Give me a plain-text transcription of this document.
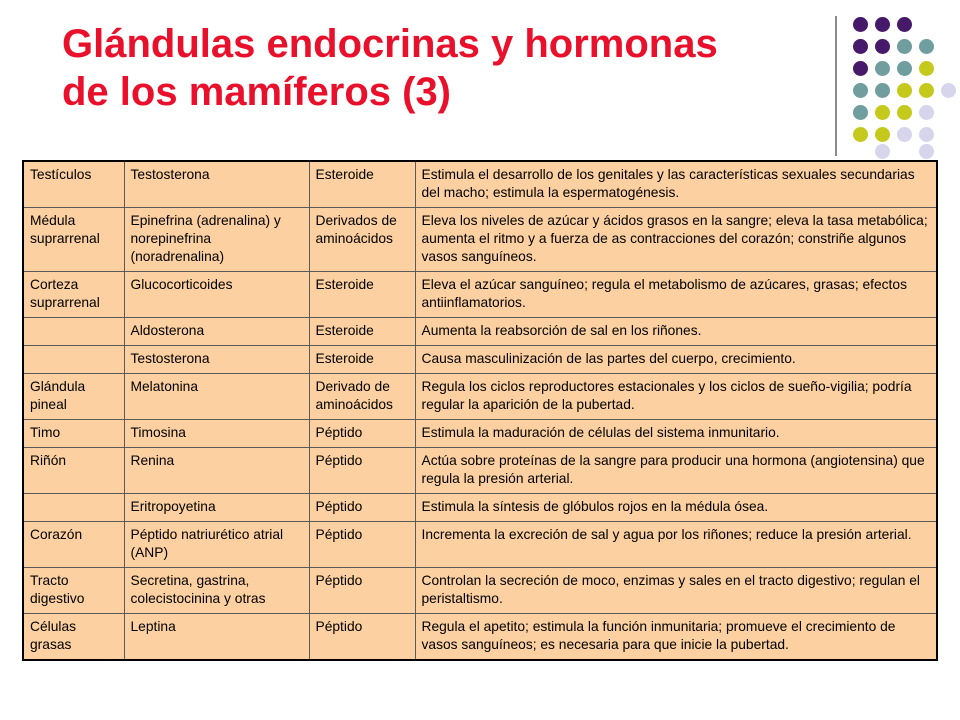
Glándulas endocrinas y hormonas
de los mamíferos (3)
Testículos	Testosterona	Esteroide	Estimula el desarrollo de los genitales y las características sexuales secundarias del macho; estimula la espermatogénesis.
Médula suprarrenal	Epinefrina (adrenalina) y norepinefrina (noradrenalina)	Derivados de aminoácidos	Eleva los niveles de azúcar y ácidos grasos en la sangre; eleva la tasa metabólica; aumenta el ritmo y a fuerza de as contracciones del corazón; constriñe algunos vasos sanguíneos.
Corteza suprarrenal	Glucocorticoides	Esteroide	Eleva el azúcar sanguíneo; regula el metabolismo de azúcares, grasas; efectos antiinflamatorios.
	Aldosterona	Esteroide	Aumenta la reabsorción de sal en los riñones.
	Testosterona	Esteroide	Causa masculinización de las partes del cuerpo, crecimiento.
Glándula pineal	Melatonina	Derivado de aminoácidos	Regula los ciclos reproductores estacionales y los ciclos de sueño-vigilia; podría regular la aparición de la pubertad.
Timo	Timosina	Péptido	Estimula la maduración de células del sistema inmunitario.
Riñón	Renina	Péptido	Actúa sobre proteínas de la sangre para producir una hormona (angiotensina) que regula la presión arterial.
	Eritropoyetina	Péptido	Estimula la síntesis de glóbulos rojos en la médula ósea.
Corazón	Péptido natriurético atrial (ANP)	Péptido	Incrementa la excreción de sal y agua por los riñones; reduce la presión arterial.
Tracto digestivo	Secretina, gastrina, colecistocinina y otras	Péptido	Controlan la secreción de moco, enzimas y sales en el tracto digestivo; regulan el peristaltismo.
Células grasas	Leptina	Péptido	Regula el apetito; estimula la función inmunitaria; promueve el crecimiento de vasos sanguíneos; es necesaria para que inicie la pubertad.
